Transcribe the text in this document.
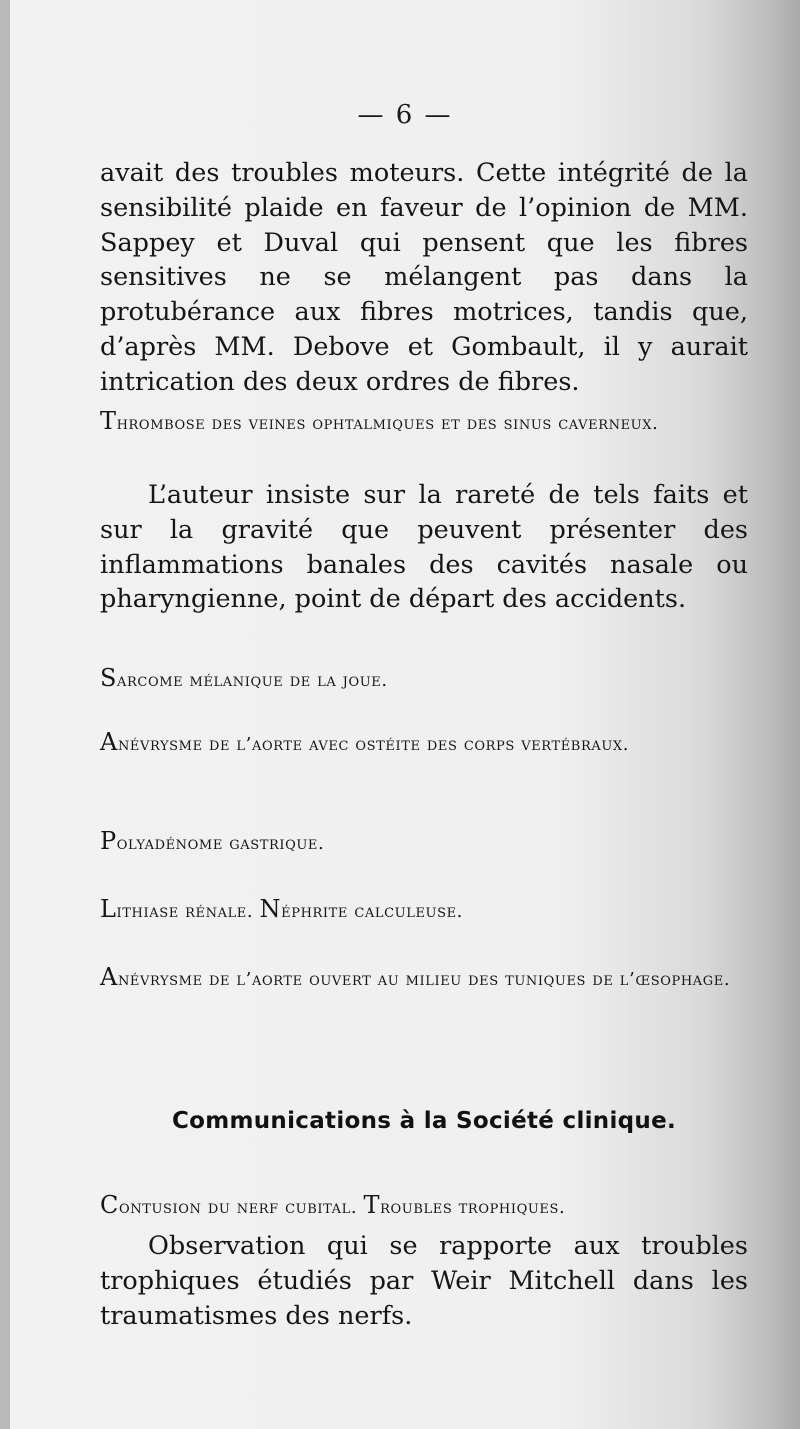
— 6 —
avait des troubles moteurs. Cette intégrité de la sensibilité plaide en faveur de l’opinion de MM. Sappey et Duval qui pensent que les fibres sensitives ne se mélangent pas dans la protubérance aux fibres motrices, tandis que, d’après MM. Debove et Gombault, il y aurait intrication des deux ordres de fibres.
Thrombose des veines ophtalmiques et des sinus caverneux.
L’auteur insiste sur la rareté de tels faits et sur la gravité que peuvent présenter des inflammations banales des cavités nasale ou pharyngienne, point de départ des accidents.
Sarcome mélanique de la joue.
Anévrysme de l’aorte avec ostéite des corps vertébraux.
Polyadénome gastrique.
Lithiase rénale. Néphrite calculeuse.
Anévrysme de l’aorte ouvert au milieu des tuniques de l’œsophage.
Communications à la Société clinique.
Contusion du nerf cubital. Troubles trophiques.
Observation qui se rapporte aux troubles trophiques étudiés par Weir Mitchell dans les traumatismes des nerfs.
